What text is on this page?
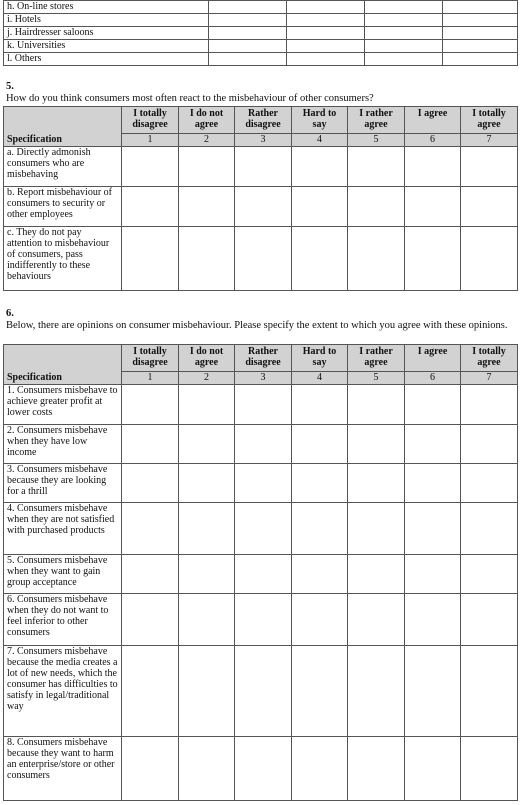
h. On-line stores				
i. Hotels				
j. Hairdresser saloons				
k. Universities				
l. Others				
5.
How do you think consumers most often react to the misbehaviour of other consumers?
Specification	I totally disagree	I do not agree	Rather disagree	Hard to say	I rather agree	I agree	I totally agree
	1	2	3	4	5	6	7
a. Directly admonish consumers who are misbehaving							
b. Report misbehaviour of consumers to security or other employees							
c. They do not pay attention to misbehaviour of consumers, pass indifferently to these behaviours							
6.
Below, there are opinions on consumer misbehaviour. Please specify the extent to which you agree with these opinions.
Specification	I totally disagree	I do not agree	Rather disagree	Hard to say	I rather agree	I agree	I totally agree
	1	2	3	4	5	6	7
1. Consumers misbehave to achieve greater profit at lower costs							
2. Consumers misbehave when they have low income							
3. Consumers misbehave because they are looking for a thrill							
4. Consumers misbehave when they are not satisfied with purchased products							
5. Consumers misbehave when they want to gain group acceptance							
6. Consumers misbehave when they do not want to feel inferior to other consumers							
7. Consumers misbehave because the media creates a lot of new needs, which the consumer has difficulties to satisfy in legal/traditional way							
8. Consumers misbehave because they want to harm an enterprise/store or other consumers							
